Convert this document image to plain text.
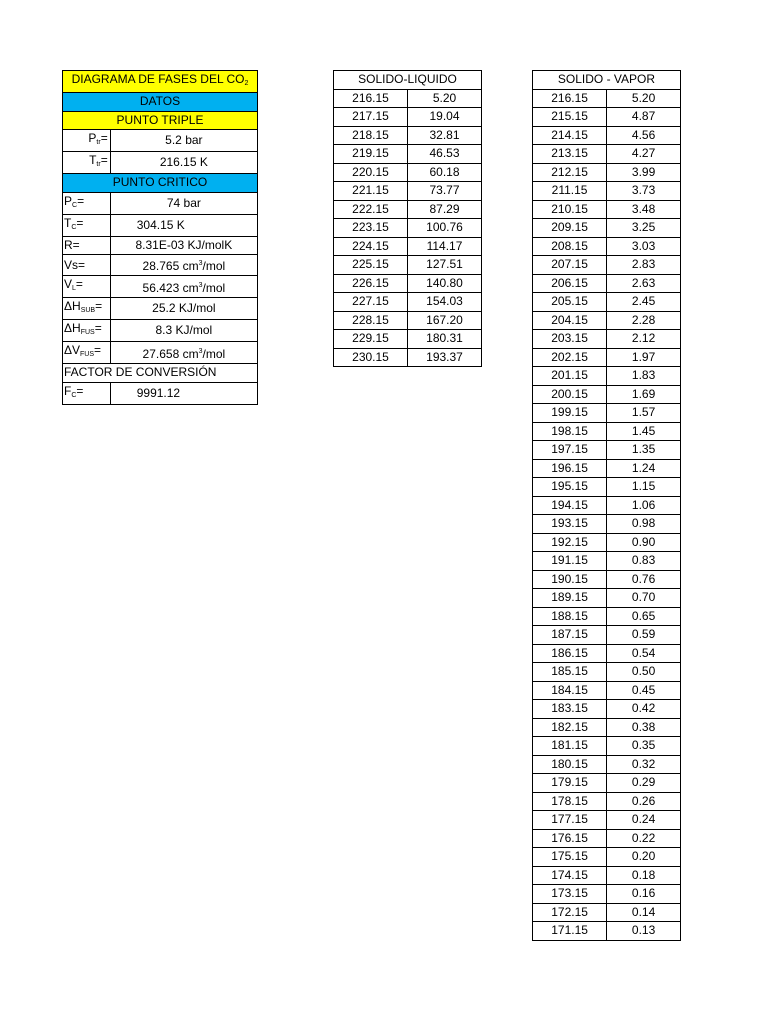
DIAGRAMA DE FASES DEL $CO_2$
DATOS	
PUNTO TRIPLE	
$P_{tr}=$	5.2 bar
$T_{tr}=$	216.15 K
PUNTO CRITICO	
$P_C=$	74 bar
$T_C=$	304.15 K
R=	8.31E-03 KJ/molK
Vs=	28.765 $cm^3$/mol
$V_L=$	56.423 $cm^3$/mol
$\Delta H_{SUB}=$	25.2 KJ/mol
$\Delta H_{FUS}=$	8.3 KJ/mol
$\Delta V_{FUS}=$	27.658 $cm^3$/mol
FACTOR DE CONVERSIÓN	
$F_C=$	9991.12
SOLIDO-LIQUIDO	
216.15	5.20
217.15	19.04
218.15	32.81
219.15	46.53
220.15	60.18
221.15	73.77
222.15	87.29
223.15	100.76
224.15	114.17
225.15	127.51
226.15	140.80
227.15	154.03
228.15	167.20
229.15	180.31
230.15	193.37
SOLIDO - VAPOR	
216.15	5.20
215.15	4.87
214.15	4.56
213.15	4.27
212.15	3.99
211.15	3.73
210.15	3.48
209.15	3.25
208.15	3.03
207.15	2.83
206.15	2.63
205.15	2.45
204.15	2.28
203.15	2.12
202.15	1.97
201.15	1.83
200.15	1.69
199.15	1.57
198.15	1.45
197.15	1.35
196.15	1.24
195.15	1.15
194.15	1.06
193.15	0.98
192.15	0.90
191.15	0.83
190.15	0.76
189.15	0.70
188.15	0.65
187.15	0.59
186.15	0.54
185.15	0.50
184.15	0.45
183.15	0.42
182.15	0.38
181.15	0.35
180.15	0.32
179.15	0.29
178.15	0.26
177.15	0.24
176.15	0.22
175.15	0.20
174.15	0.18
173.15	0.16
172.15	0.14
171.15	0.13
